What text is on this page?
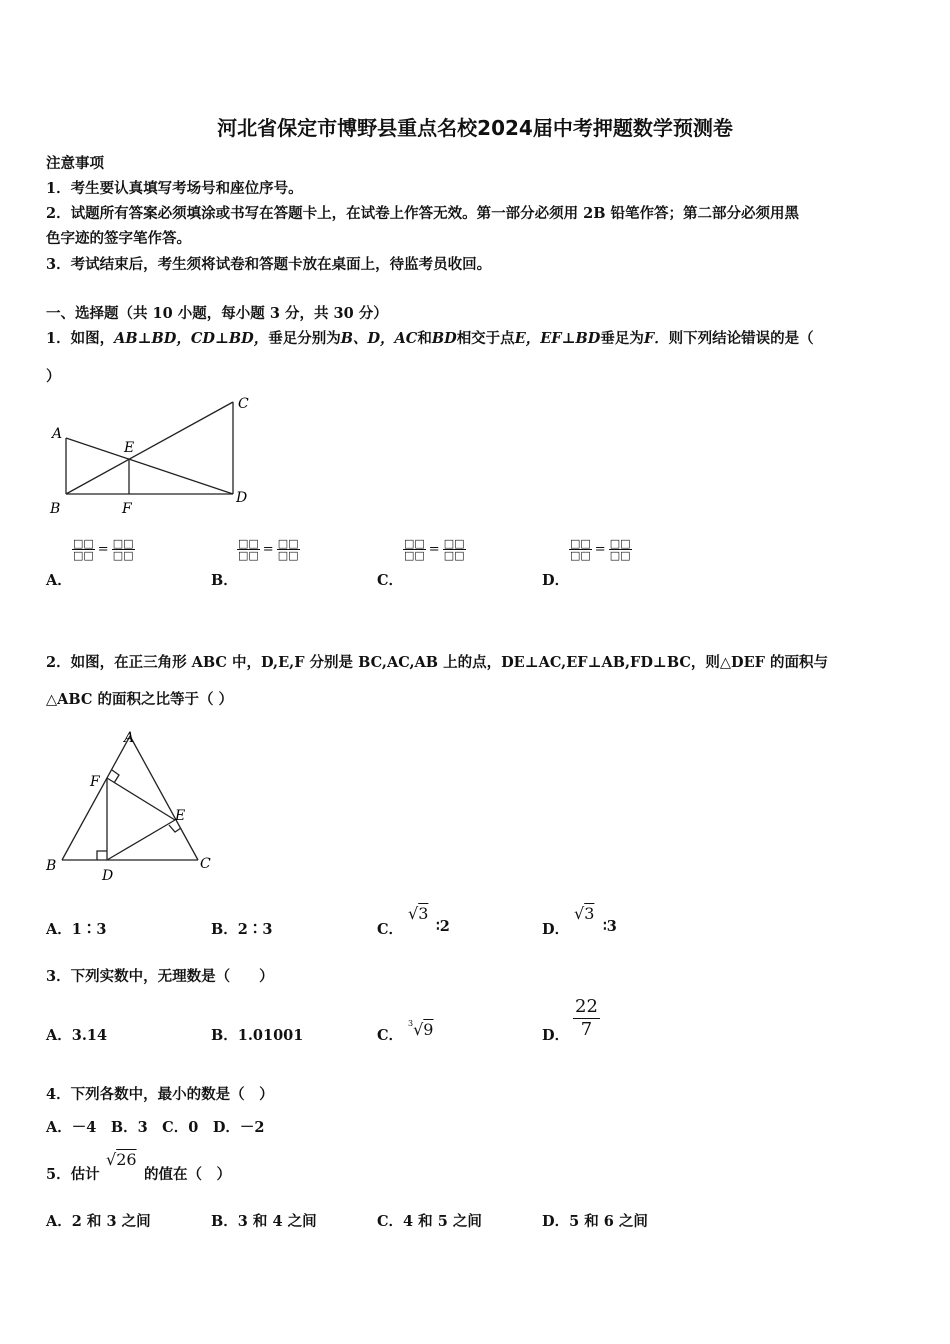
河北省保定市博野县重点名校2024届中考押题数学预测卷
注意事项
1．考生要认真填写考场号和座位序号。
2．试题所有答案必须填涂或书写在答题卡上，在试卷上作答无效。第一部分必须用 2B 铅笔作答；第二部分必须用黑
色字迹的签字笔作答。
3．考试结束后，考生须将试卷和答题卡放在桌面上，待监考员收回。
一、选择题（共 10 小题，每小题 3 分，共 30 分）
1．如图，AB⊥BD，CD⊥BD，垂足分别为B、D，AC和BD相交于点E，EF⊥BD垂足为F．则下列结论错误的是（
）
A
B
C
D
E
F
$\frac{□□}{□□} = \frac{□□}{□□}$
A．
$\frac{□□}{□□} = \frac{□□}{□□}$
B．
$\frac{□□}{□□} = \frac{□□}{□□}$
C．
$\frac{□□}{□□} = \frac{□□}{□□}$
D．
2．如图，在正三角形 ABC 中，D,E,F 分别是 BC,AC,AB 上的点，DE⊥AC,EF⊥AB,FD⊥BC，则△DEF 的面积与
△ABC 的面积之比等于（ ）
A
B	C
D
E
F
A．1∶3	B．2∶3	C．
√3
∶2	D．
√3
∶3
3．下列实数中，无理数是（　　）
A．3.14	B．1.01001	C．
$^3$√9	D． $\frac{22}{7}$
4．下列各数中，最小的数是（　）
A．－4　B．3　C．0　D．－2
5．估计
√26
的值在（　）
A．2 和 3 之间	B．3 和 4 之间	C．4 和 5 之间	D．5 和 6 之间
